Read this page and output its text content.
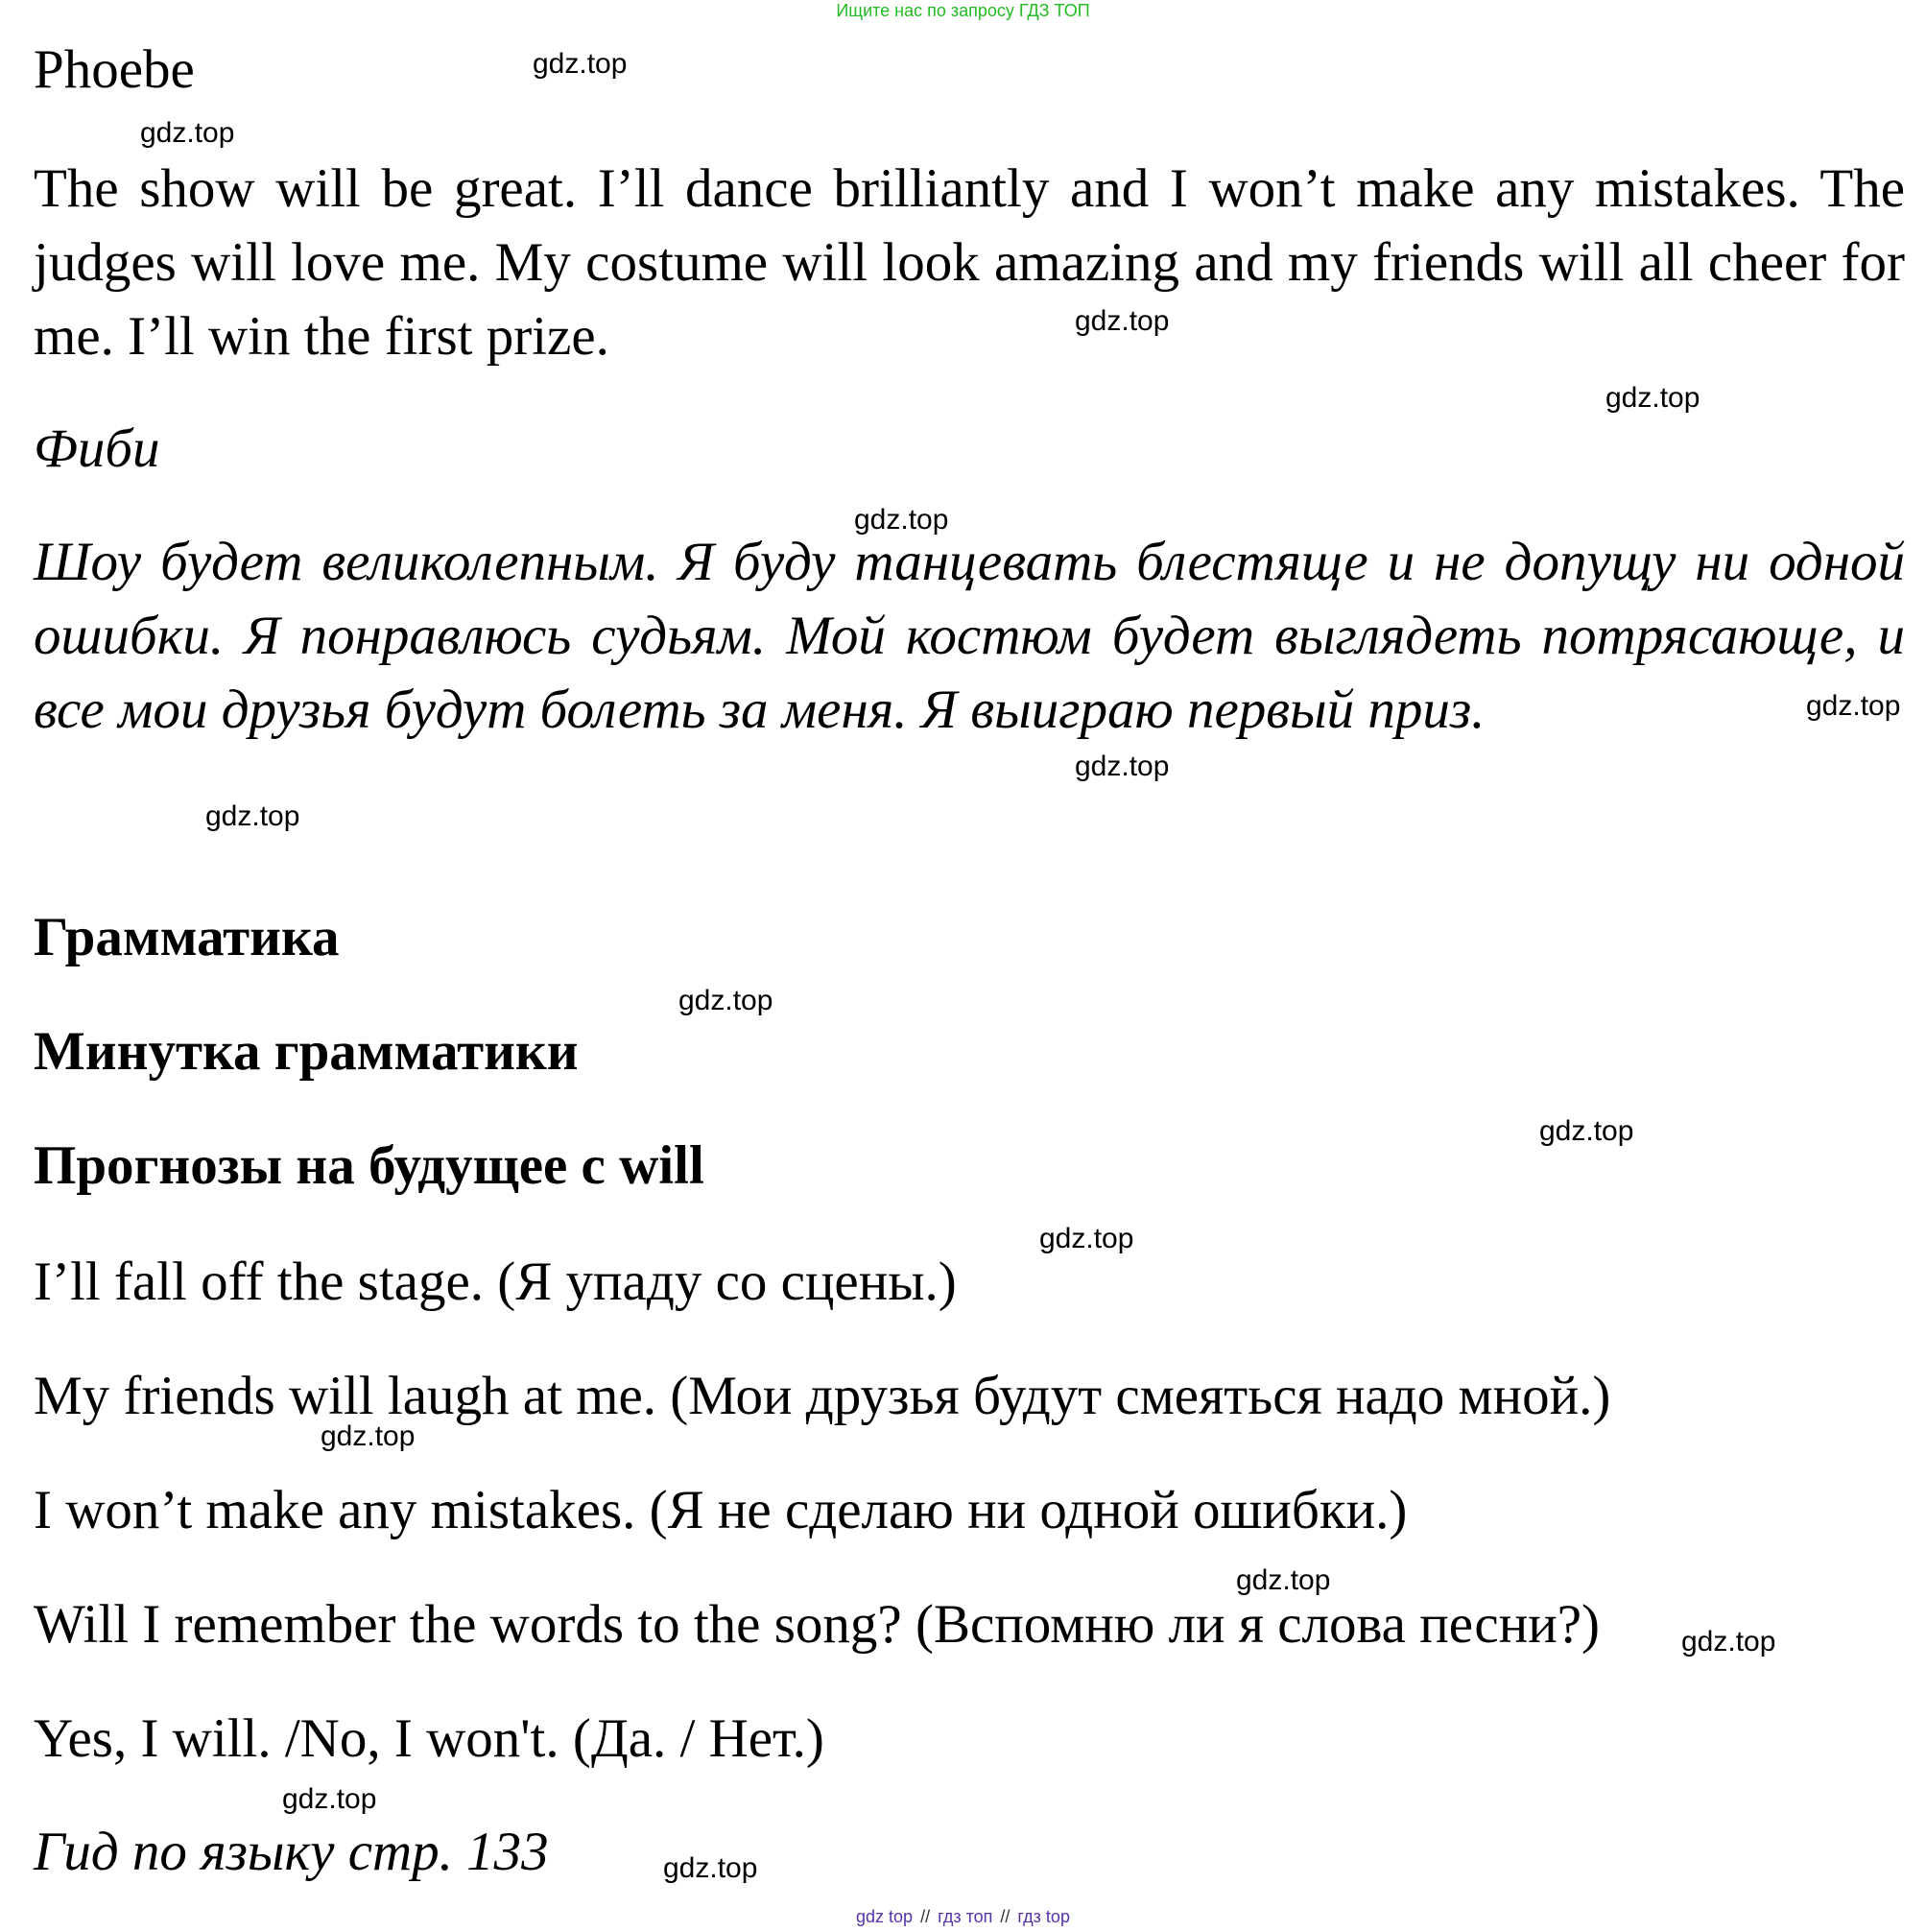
Ищите нас по запросу ГДЗ ТОП
Phoebe
The show will be great. I’ll dance brilliantly and I won’t make any mistakes. The judges will love me. My costume will look amazing and my friends will all cheer for me. I’ll win the first prize.
Фиби
Шоу будет великолепным. Я буду танцевать блестяще и не допущу ни одной ошибки. Я понравлюсь судьям. Мой костюм будет выглядеть потрясающе, и все мои друзья будут болеть за меня. Я выиграю первый приз.
Грамматика
Минутка грамматики
Прогнозы на будущее с will
I’ll fall off the stage. (Я упаду со сцены.)
My friends will laugh at me. (Мои друзья будут смеяться надо мной.)
I won’t make any mistakes. (Я не сделаю ни одной ошибки.)
Will I remember the words to the song? (Вспомню ли я слова песни?)
Yes, I will. /No, I won't. (Да. / Нет.)
Гид по языку стр. 133
gdz.top
gdz.top
gdz.top
gdz.top
gdz.top
gdz.top
gdz.top
gdz.top
gdz.top
gdz.top
gdz.top
gdz.top
gdz.top
gdz.top
gdz.top
gdz.top
gdz top // гдз топ // гдз top
